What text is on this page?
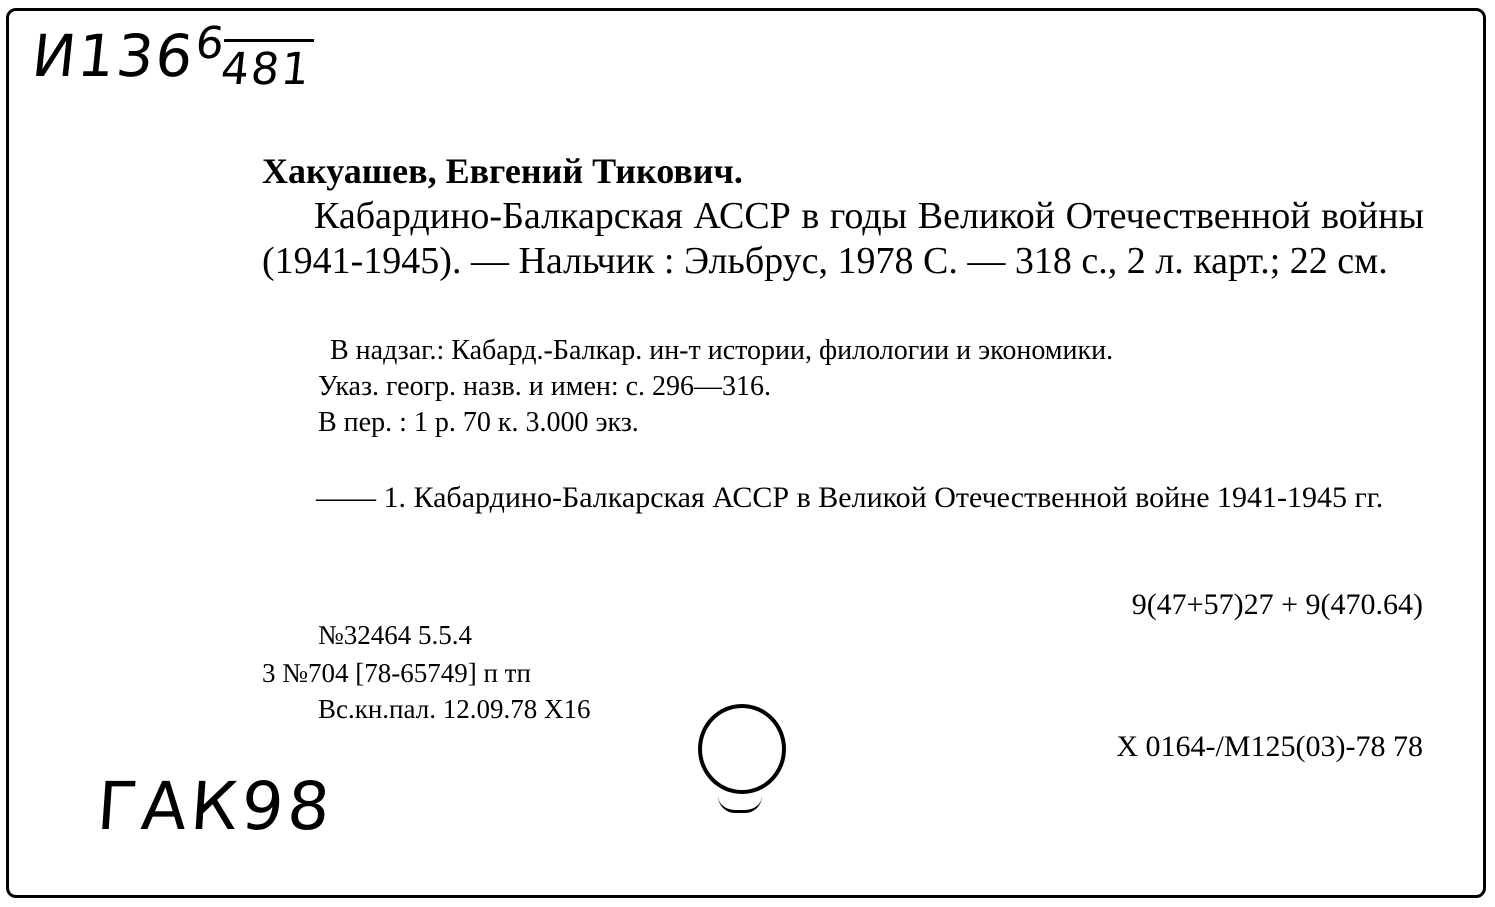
$И136^6481$
Хакуашев, Евгений Тикович.
Кабардино-Балкарская АССР в годы Великой Отечественной войны (1941-1945). — Нальчик : Эльбрус, 1978 С. — 318 с., 2 л. карт.; 22 см.
В надзаг.: Кабард.-Балкар. ин-т истории, филологии и экономики.
Указ. геогр. назв. и имен: с. 296—316.
В пер. : 1 р. 70 к. 3.000 экз.
—— 1. Кабардино-Балкарская АССР в Великой Отечественной войне 1941-1945 гг.
9(47+57)27 + 9(470.64)
№32464 5.5.4
3 №704 [78-65749] п тп
Вс.кн.пал. 12.09.78 Х16
Х 0164-/М125(03)-78 78
ГАК98
